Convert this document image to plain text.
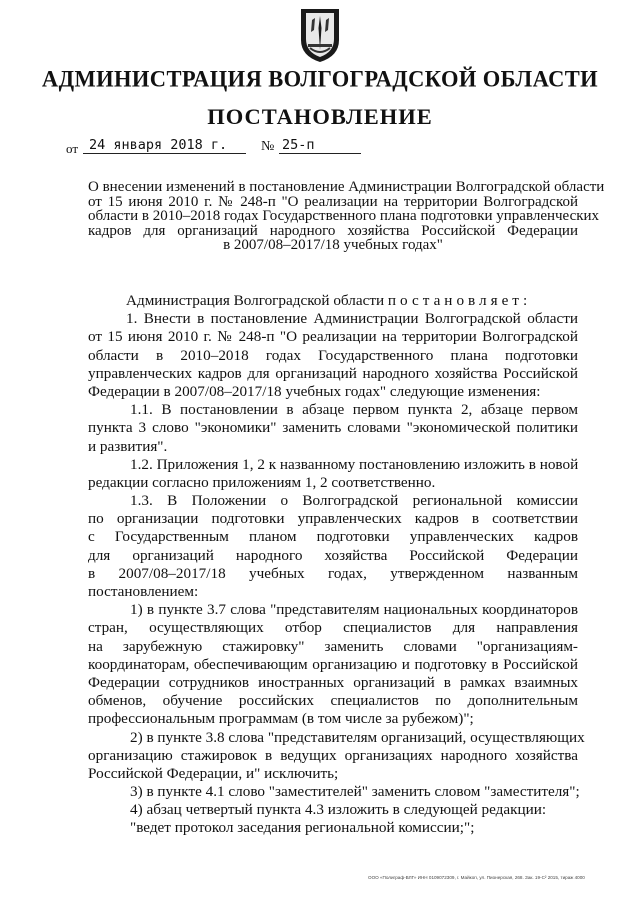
АДМИНИСТРАЦИЯ ВОЛГОГРАДСКОЙ ОБЛАСТИ
ПОСТАНОВЛЕНИЕ
от 24 января 2018 г.	№ 25-п
О внесении изменений в постановление Администрации Волгоградской области
от 15 июня 2010 г. № 248-п "О реализации на территории Волгоградской
области в 2010–2018 годах Государственного плана подготовки управленческих
кадров для организаций народного хозяйства Российской Федерации
в 2007/08–2017/18 учебных годах"
Администрация Волгоградской области постановляет:
1. Внести в постановление Администрации Волгоградской области
от 15 июня 2010 г. № 248-п "О реализации на территории Волгоградской
области в 2010–2018 годах Государственного плана подготовки
управленческих кадров для организаций народного хозяйства Российской
Федерации в 2007/08–2017/18 учебных годах" следующие изменения:
1.1. В постановлении в абзаце первом пункта 2, абзаце первом
пункта 3 слово "экономики" заменить словами "экономической политики
и развития".
1.2. Приложения 1, 2 к названному постановлению изложить в новой
редакции согласно приложениям 1, 2 соответственно.
1.3. В Положении о Волгоградской региональной комиссии
по организации подготовки управленческих кадров в соответствии
с Государственным планом подготовки управленческих кадров
для организаций народного хозяйства Российской Федерации
в 2007/08–2017/18 учебных годах, утвержденном названным
постановлением:
1) в пункте 3.7 слова "представителям национальных координаторов
стран, осуществляющих отбор специалистов для направления
на зарубежную стажировку" заменить словами "организациям-
координаторам, обеспечивающим организацию и подготовку в Российской
Федерации сотрудников иностранных организаций в рамках взаимных
обменов, обучение российских специалистов по дополнительным
профессиональным программам (в том числе за рубежом)";
2) в пункте 3.8 слова "представителям организаций, осуществляющих
организацию стажировок в ведущих организациях народного хозяйства
Российской Федерации, и" исключить;
3) в пункте 4.1 слово "заместителей" заменить словом "заместителя";
4) абзац четвертый пункта 4.3 изложить в следующей редакции:
"ведет протокол заседания региональной комиссии;";
ООО «Полиграф-ВЛГ» ИНН 0109072309, г. Майкоп, ул. Пионерская, 268. Зак. 19-С² 2015, тираж 4000
